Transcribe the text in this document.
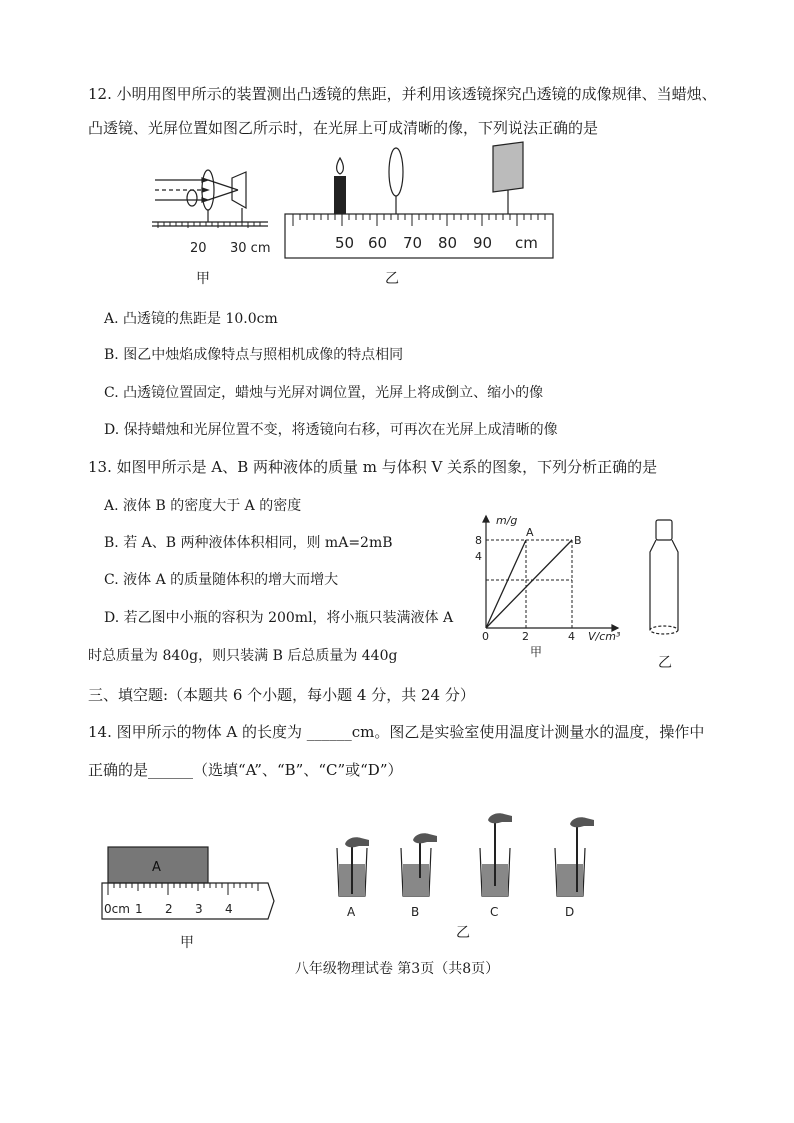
12. 小明用图甲所示的装置测出凸透镜的焦距，并利用该透镜探究凸透镜的成像规律、当蜡烛、
凸透镜、光屏位置如图乙所示时，在光屏上可成清晰的像，下列说法正确的是
20 30 cm
甲
50 60 70 80 90 cm
乙
A. 凸透镜的焦距是 10.0cm
B. 图乙中烛焰成像特点与照相机成像的特点相同
C. 凸透镜位置固定，蜡烛与光屏对调位置，光屏上将成倒立、缩小的像
D. 保持蜡烛和光屏位置不变，将透镜向右移，可再次在光屏上成清晰的像
13. 如图甲所示是 A、B 两种液体的质量 m 与体积 V 关系的图象，下列分析正确的是
A. 液体 B 的密度大于 A 的密度
B. 若 A、B 两种液体体积相同，则 mA=2mB
C. 液体 A 的质量随体积的增大而增大
D. 若乙图中小瓶的容积为 200ml，将小瓶只装满液体 A
时总质量为 840g，则只装满 B 后总质量为 440g
m/g
V/cm³
8
4
0	2	4
A
B
甲
乙
三、填空题:（本题共 6 个小题，每小题 4 分，共 24 分）
14. 图甲所示的物体 A 的长度为 ______cm。图乙是实验室使用温度计测量水的温度，操作中
正确的是______（选填“A”、“B”、“C”或“D”）
A
0cm 1 2 3 4
甲
A	B	C	D
乙
八年级物理试卷 第3页（共8页）
